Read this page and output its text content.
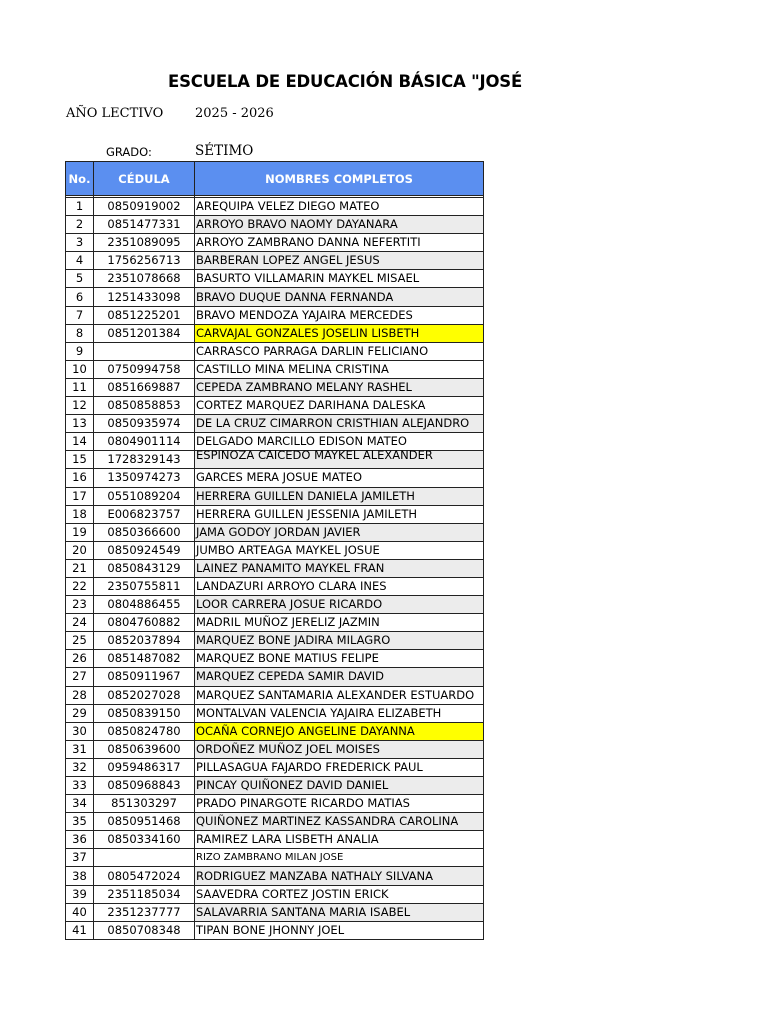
ESCUELA DE EDUCACIÓN BÁSICA "JOSÉ
AÑO LECTIVO 2025 - 2026
GRADO:	SÉTIMO
No.	CÉDULA	NOMBRES COMPLETOS

1	0850919002	AREQUIPA VELEZ DIEGO MATEO
2	0851477331	ARROYO BRAVO NAOMY DAYANARA
3	2351089095	ARROYO ZAMBRANO DANNA NEFERTITI
4	1756256713	BARBERAN LOPEZ ANGEL JESUS
5	2351078668	BASURTO VILLAMARIN MAYKEL MISAEL
6	1251433098	BRAVO DUQUE DANNA FERNANDA
7	0851225201	BRAVO MENDOZA YAJAIRA MERCEDES
8	0851201384	CARVAJAL GONZALES JOSELIN LISBETH
9		CARRASCO PARRAGA DARLIN FELICIANO
10	0750994758	CASTILLO MINA MELINA CRISTINA
11	0851669887	CEPEDA ZAMBRANO MELANY RASHEL
12	0850858853	CORTEZ MARQUEZ DARIHANA DALESKA
13	0850935974	DE LA CRUZ CIMARRON CRISTHIAN ALEJANDRO
14	0804901114	DELGADO MARCILLO EDISON MATEO
15	1728329143	ESPINOZA CAICEDO MAYKEL ALEXANDER
16	1350974273	GARCES MERA JOSUE MATEO
17	0551089204	HERRERA GUILLEN DANIELA JAMILETH
18	E006823757	HERRERA GUILLEN JESSENIA JAMILETH
19	0850366600	JAMA GODOY JORDAN JAVIER
20	0850924549	JUMBO ARTEAGA MAYKEL JOSUE
21	0850843129	LAINEZ PANAMITO MAYKEL FRAN
22	2350755811	LANDAZURI ARROYO CLARA INES
23	0804886455	LOOR CARRERA JOSUE RICARDO
24	0804760882	MADRIL MUÑOZ JERELIZ JAZMIN
25	0852037894	MARQUEZ BONE JADIRA MILAGRO
26	0851487082	MARQUEZ BONE MATIUS FELIPE
27	0850911967	MARQUEZ CEPEDA SAMIR DAVID
28	0852027028	MARQUEZ SANTAMARIA ALEXANDER ESTUARDO
29	0850839150	MONTALVAN VALENCIA YAJAIRA ELIZABETH
30	0850824780	OCAÑA CORNEJO ANGELINE DAYANNA
31	0850639600	ORDOÑEZ MUÑOZ JOEL MOISES
32	0959486317	PILLASAGUA FAJARDO FREDERICK PAUL
33	0850968843	PINCAY QUIÑONEZ DAVID DANIEL
34	851303297	PRADO PINARGOTE RICARDO MATIAS
35	0850951468	QUIÑONEZ MARTINEZ KASSANDRA CAROLINA
36	0850334160	RAMIREZ LARA LISBETH ANALIA
37		RIZO ZAMBRANO MILAN JOSE
38	0805472024	RODRIGUEZ MANZABA NATHALY SILVANA
39	2351185034	SAAVEDRA CORTEZ JOSTIN ERICK
40	2351237777	SALAVARRIA SANTANA MARIA ISABEL
41	0850708348	TIPAN BONE JHONNY JOEL
